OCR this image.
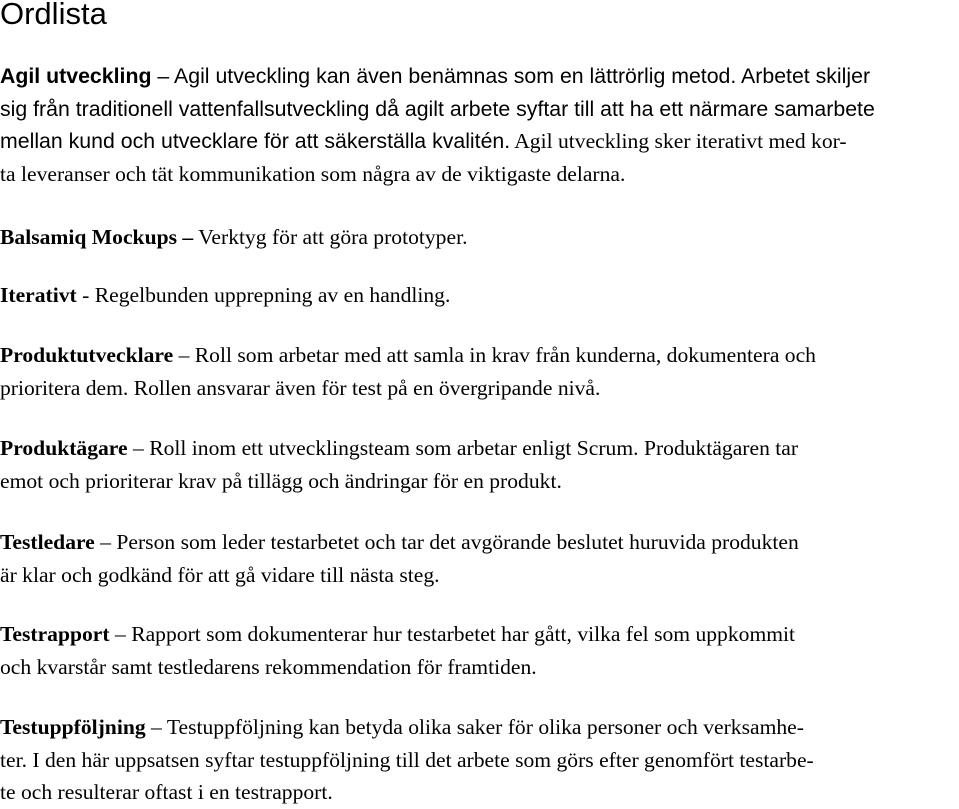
Ordlista
Agil utveckling – Agil utveckling kan även benämnas som en lättrörlig metod. Arbetet skiljer
sig från traditionell vattenfallsutveckling då agilt arbete syftar till att ha ett närmare samarbete
mellan kund och utvecklare för att säkerställa kvalitén. Agil utveckling sker iterativt med kor-
ta leveranser och tät kommunikation som några av de viktigaste delarna.
Balsamiq Mockups – Verktyg för att göra prototyper.
Iterativt - Regelbunden upprepning av en handling.
Produktutvecklare – Roll som arbetar med att samla in krav från kunderna, dokumentera och
prioritera dem. Rollen ansvarar även för test på en övergripande nivå.
Produktägare – Roll inom ett utvecklingsteam som arbetar enligt Scrum. Produktägaren tar
emot och prioriterar krav på tillägg och ändringar för en produkt.
Testledare – Person som leder testarbetet och tar det avgörande beslutet huruvida produkten
är klar och godkänd för att gå vidare till nästa steg.
Testrapport – Rapport som dokumenterar hur testarbetet har gått, vilka fel som uppkommit
och kvarstår samt testledarens rekommendation för framtiden.
Testuppföljning – Testuppföljning kan betyda olika saker för olika personer och verksamhe-
ter. I den här uppsatsen syftar testuppföljning till det arbete som görs efter genomfört testarbe-
te och resulterar oftast i en testrapport.
